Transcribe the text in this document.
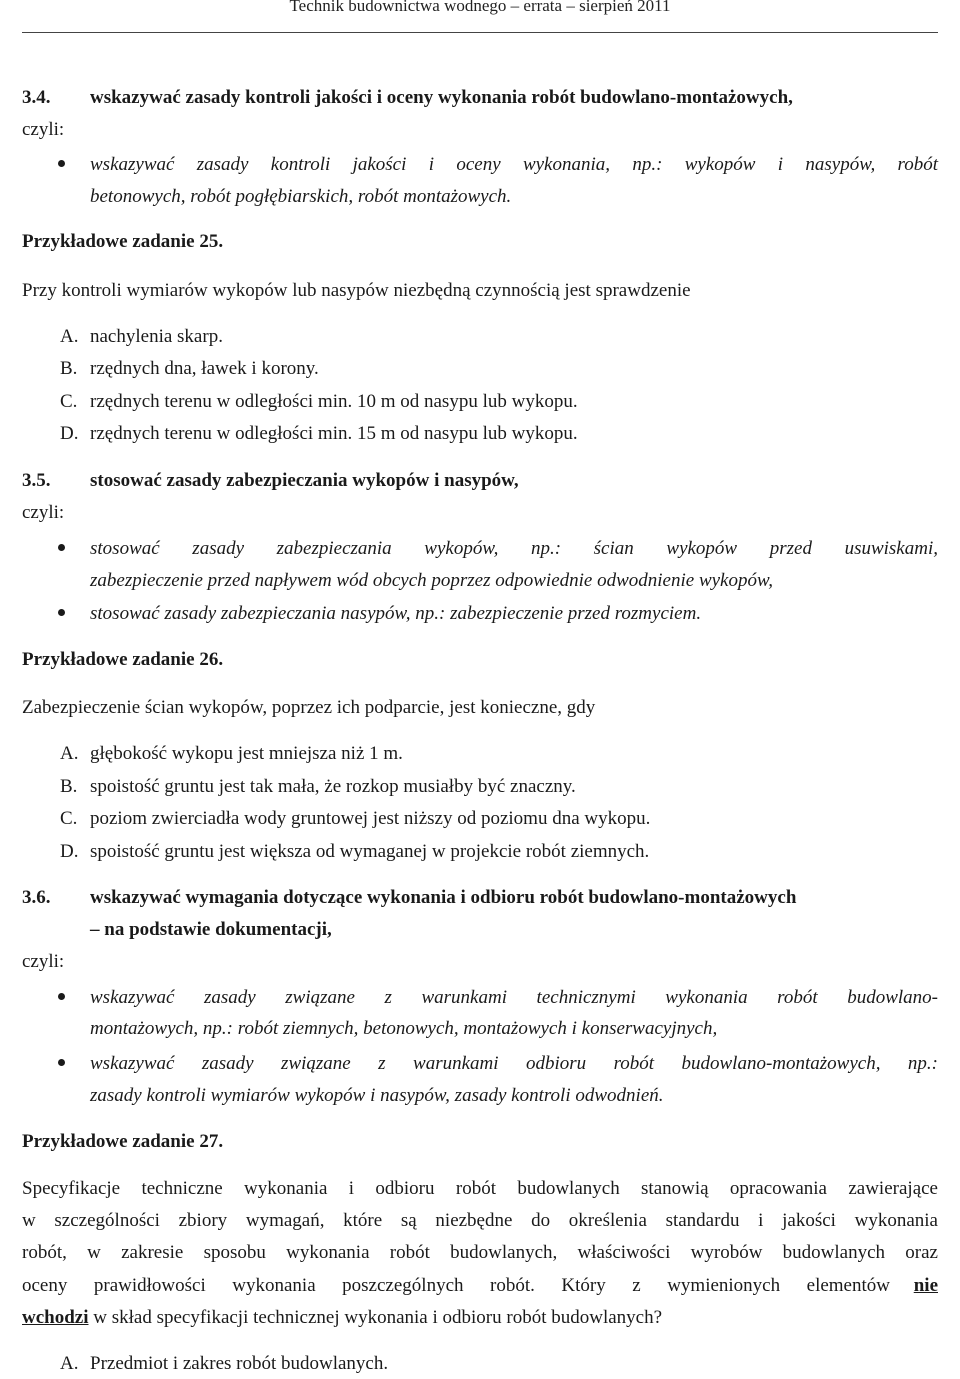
Technik budownictwa wodnego – errata – sierpień 2011
3.4. wskazywać zasady kontroli jakości i oceny wykonania robót budowlano-montażowych,
czyli:
wskazywać zasady kontroli jakości i oceny wykonania, np.: wykopów i nasypów, robót
betonowych, robót pogłębiarskich, robót montażowych.
Przykładowe zadanie 25.
Przy kontroli wymiarów wykopów lub nasypów niezbędną czynnością jest sprawdzenie
A. nachylenia skarp.
B. rzędnych dna, ławek i korony.
C. rzędnych terenu w odległości min. 10 m od nasypu lub wykopu.
D. rzędnych terenu w odległości min. 15 m od nasypu lub wykopu.
3.5. stosować zasady zabezpieczania wykopów i nasypów,
czyli:
stosować zasady zabezpieczania wykopów, np.: ścian wykopów przed usuwiskami,
zabezpieczenie przed napływem wód obcych poprzez odpowiednie odwodnienie wykopów,
stosować zasady zabezpieczania nasypów, np.: zabezpieczenie przed rozmyciem.
Przykładowe zadanie 26.
Zabezpieczenie ścian wykopów, poprzez ich podparcie, jest konieczne, gdy
A. głębokość wykopu jest mniejsza niż 1 m.
B. spoistość gruntu jest tak mała, że rozkop musiałby być znaczny.
C. poziom zwierciadła wody gruntowej jest niższy od poziomu dna wykopu.
D. spoistość gruntu jest większa od wymaganej w projekcie robót ziemnych.
3.6. wskazywać wymagania dotyczące wykonania i odbioru robót budowlano-montażowych
– na podstawie dokumentacji,
czyli:
wskazywać zasady związane z warunkami technicznymi wykonania robót budowlano-
montażowych, np.: robót ziemnych, betonowych, montażowych i konserwacyjnych,
wskazywać zasady związane z warunkami odbioru robót budowlano-montażowych, np.:
zasady kontroli wymiarów wykopów i nasypów, zasady kontroli odwodnień.
Przykładowe zadanie 27.
Specyfikacje techniczne wykonania i odbioru robót budowlanych stanowią opracowania zawierające
w szczególności zbiory wymagań, które są niezbędne do określenia standardu i jakości wykonania
robót, w zakresie sposobu wykonania robót budowlanych, właściwości wyrobów budowlanych oraz
oceny prawidłowości wykonania poszczególnych robót. Który z wymienionych elementów nie
wchodzi w skład specyfikacji technicznej wykonania i odbioru robót budowlanych?
A. Przedmiot i zakres robót budowlanych.
